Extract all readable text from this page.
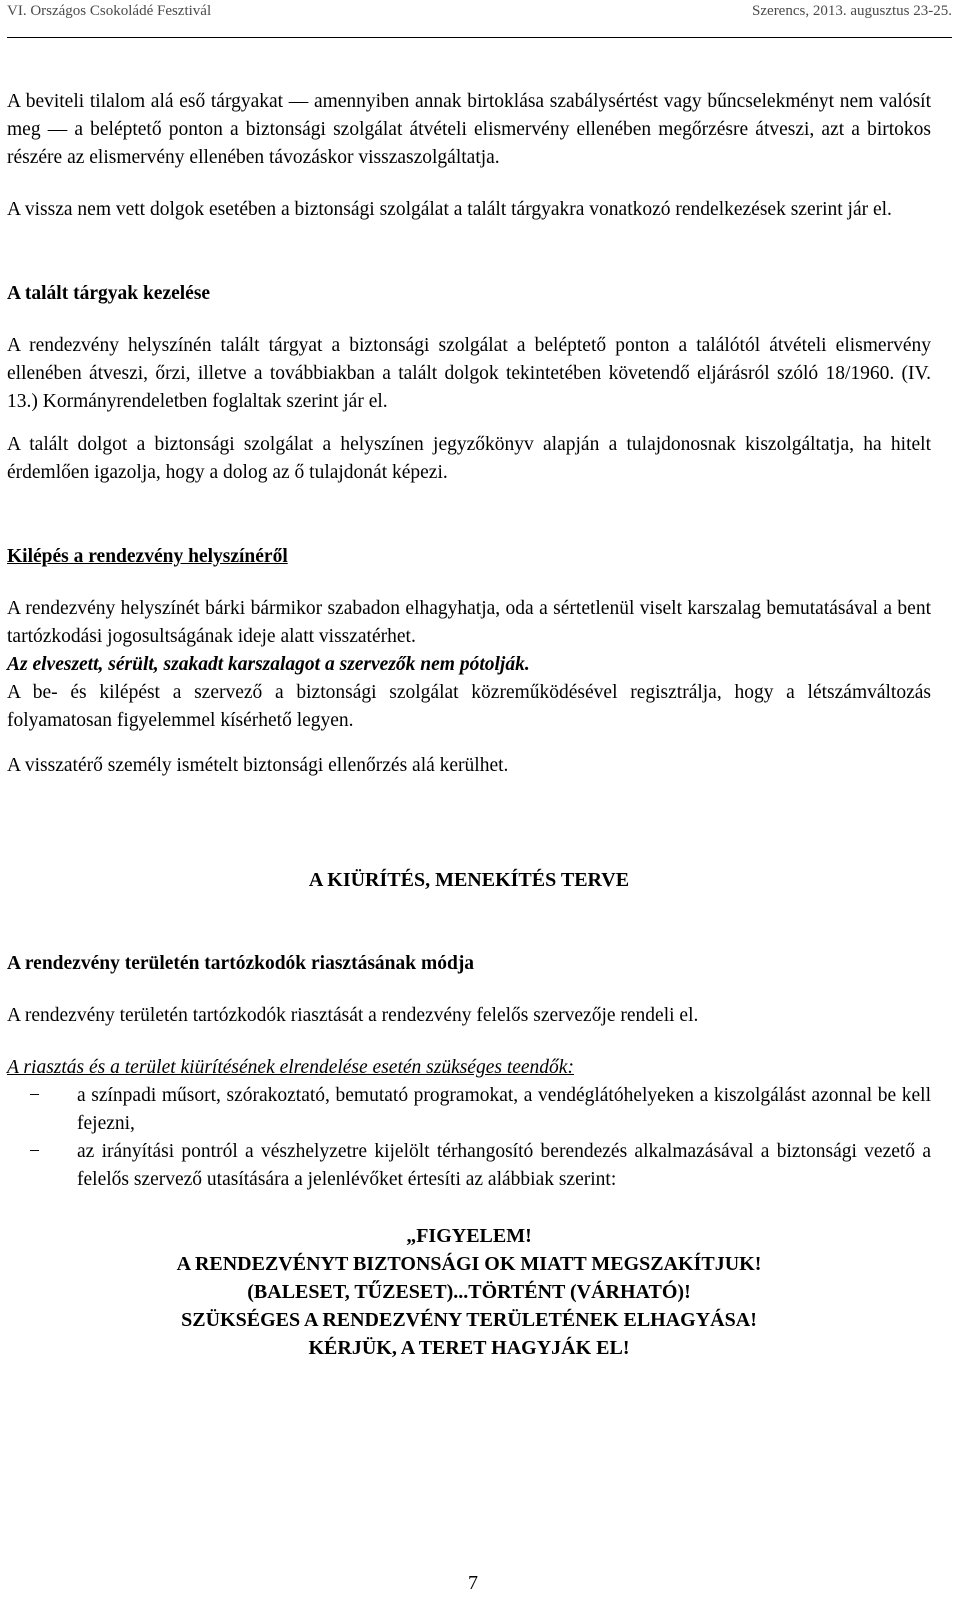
VI. Országos Csokoládé Fesztivál	Szerencs, 2013. augusztus 23-25.

A beviteli tilalom alá eső tárgyakat — amennyiben annak birtoklása szabálysértést vagy bűncselekményt nem valósít meg — a beléptető ponton a biztonsági szolgálat átvételi elismervény ellenében megőrzésre átveszi, azt a birtokos részére az elismervény ellenében távozáskor visszaszolgáltatja.

A vissza nem vett dolgok esetében a biztonsági szolgálat a talált tárgyakra vonatkozó rendelkezések szerint jár el.

A talált tárgyak kezelése

A rendezvény helyszínén talált tárgyat a biztonsági szolgálat a beléptető ponton a találótól átvételi elismervény ellenében átveszi, őrzi, illetve a továbbiakban a talált dolgok tekintetében követendő eljárásról szóló 18/1960. (IV. 13.) Kormányrendeletben foglaltak szerint jár el.

A talált dolgot a biztonsági szolgálat a helyszínen jegyzőkönyv alapján a tulajdonosnak kiszolgáltatja, ha hitelt érdemlően igazolja, hogy a dolog az ő tulajdonát képezi.

Kilépés a rendezvény helyszínéről

A rendezvény helyszínét bárki bármikor szabadon elhagyhatja, oda a sértetlenül viselt karszalag bemutatásával a bent tartózkodási jogosultságának ideje alatt visszatérhet.

Az elveszett, sérült, szakadt karszalagot a szervezők nem pótolják.

A be- és kilépést a szervező a biztonsági szolgálat közreműködésével regisztrálja, hogy a létszámváltozás folyamatosan figyelemmel kísérhető legyen.

A visszatérő személy ismételt biztonsági ellenőrzés alá kerülhet.

A KIÜRÍTÉS, MENEKÍTÉS TERVE

A rendezvény területén tartózkodók riasztásának módja

A rendezvény területén tartózkodók riasztását a rendezvény felelős szervezője rendeli el.

A riasztás és a terület kiürítésének elrendelése esetén szükséges teendők:

− a színpadi műsort, szórakoztató, bemutató programokat, a vendéglátóhelyeken a kiszolgálást azonnal be kell fejezni,
− az irányítási pontról a vészhelyzetre kijelölt térhangosító berendezés alkalmazásával a biztonsági vezető a felelős szervező utasítására a jelenlévőket értesíti az alábbiak szerint:

„FIGYELEM!

A RENDEZVÉNYT BIZTONSÁGI OK MIATT MEGSZAKÍTJUK!

(BALESET, TŰZESET)...TÖRTÉNT (VÁRHATÓ)!

SZÜKSÉGES A RENDEZVÉNY TERÜLETÉNEK ELHAGYÁSA!

KÉRJÜK, A TERET HAGYJÁK EL!

7
